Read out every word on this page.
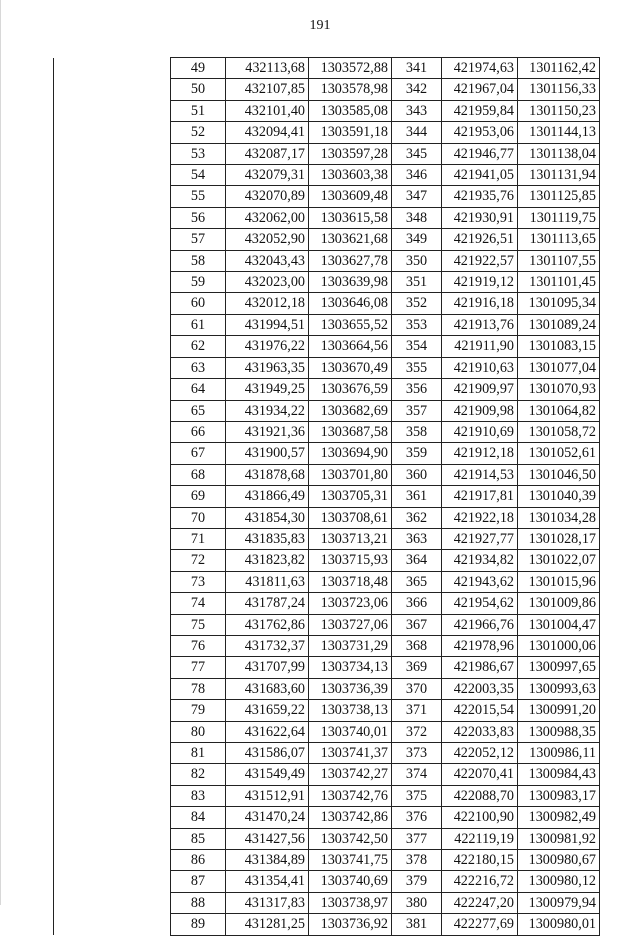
191
	49	432113,68	1303572,88	341	421974,63	1301162,42
	50	432107,85	1303578,98	342	421967,04	1301156,33
	51	432101,40	1303585,08	343	421959,84	1301150,23
	52	432094,41	1303591,18	344	421953,06	1301144,13
	53	432087,17	1303597,28	345	421946,77	1301138,04
	54	432079,31	1303603,38	346	421941,05	1301131,94
	55	432070,89	1303609,48	347	421935,76	1301125,85
	56	432062,00	1303615,58	348	421930,91	1301119,75
	57	432052,90	1303621,68	349	421926,51	1301113,65
	58	432043,43	1303627,78	350	421922,57	1301107,55
	59	432023,00	1303639,98	351	421919,12	1301101,45
	60	432012,18	1303646,08	352	421916,18	1301095,34
	61	431994,51	1303655,52	353	421913,76	1301089,24
	62	431976,22	1303664,56	354	421911,90	1301083,15
	63	431963,35	1303670,49	355	421910,63	1301077,04
	64	431949,25	1303676,59	356	421909,97	1301070,93
	65	431934,22	1303682,69	357	421909,98	1301064,82
	66	431921,36	1303687,58	358	421910,69	1301058,72
	67	431900,57	1303694,90	359	421912,18	1301052,61
	68	431878,68	1303701,80	360	421914,53	1301046,50
	69	431866,49	1303705,31	361	421917,81	1301040,39
	70	431854,30	1303708,61	362	421922,18	1301034,28
	71	431835,83	1303713,21	363	421927,77	1301028,17
	72	431823,82	1303715,93	364	421934,82	1301022,07
	73	431811,63	1303718,48	365	421943,62	1301015,96
	74	431787,24	1303723,06	366	421954,62	1301009,86
	75	431762,86	1303727,06	367	421966,76	1301004,47
	76	431732,37	1303731,29	368	421978,96	1301000,06
	77	431707,99	1303734,13	369	421986,67	1300997,65
	78	431683,60	1303736,39	370	422003,35	1300993,63
	79	431659,22	1303738,13	371	422015,54	1300991,20
	80	431622,64	1303740,01	372	422033,83	1300988,35
	81	431586,07	1303741,37	373	422052,12	1300986,11
	82	431549,49	1303742,27	374	422070,41	1300984,43
	83	431512,91	1303742,76	375	422088,70	1300983,17
	84	431470,24	1303742,86	376	422100,90	1300982,49
	85	431427,56	1303742,50	377	422119,19	1300981,92
	86	431384,89	1303741,75	378	422180,15	1300980,67
	87	431354,41	1303740,69	379	422216,72	1300980,12
	88	431317,83	1303738,97	380	422247,20	1300979,94
	89	431281,25	1303736,92	381	422277,69	1300980,01
